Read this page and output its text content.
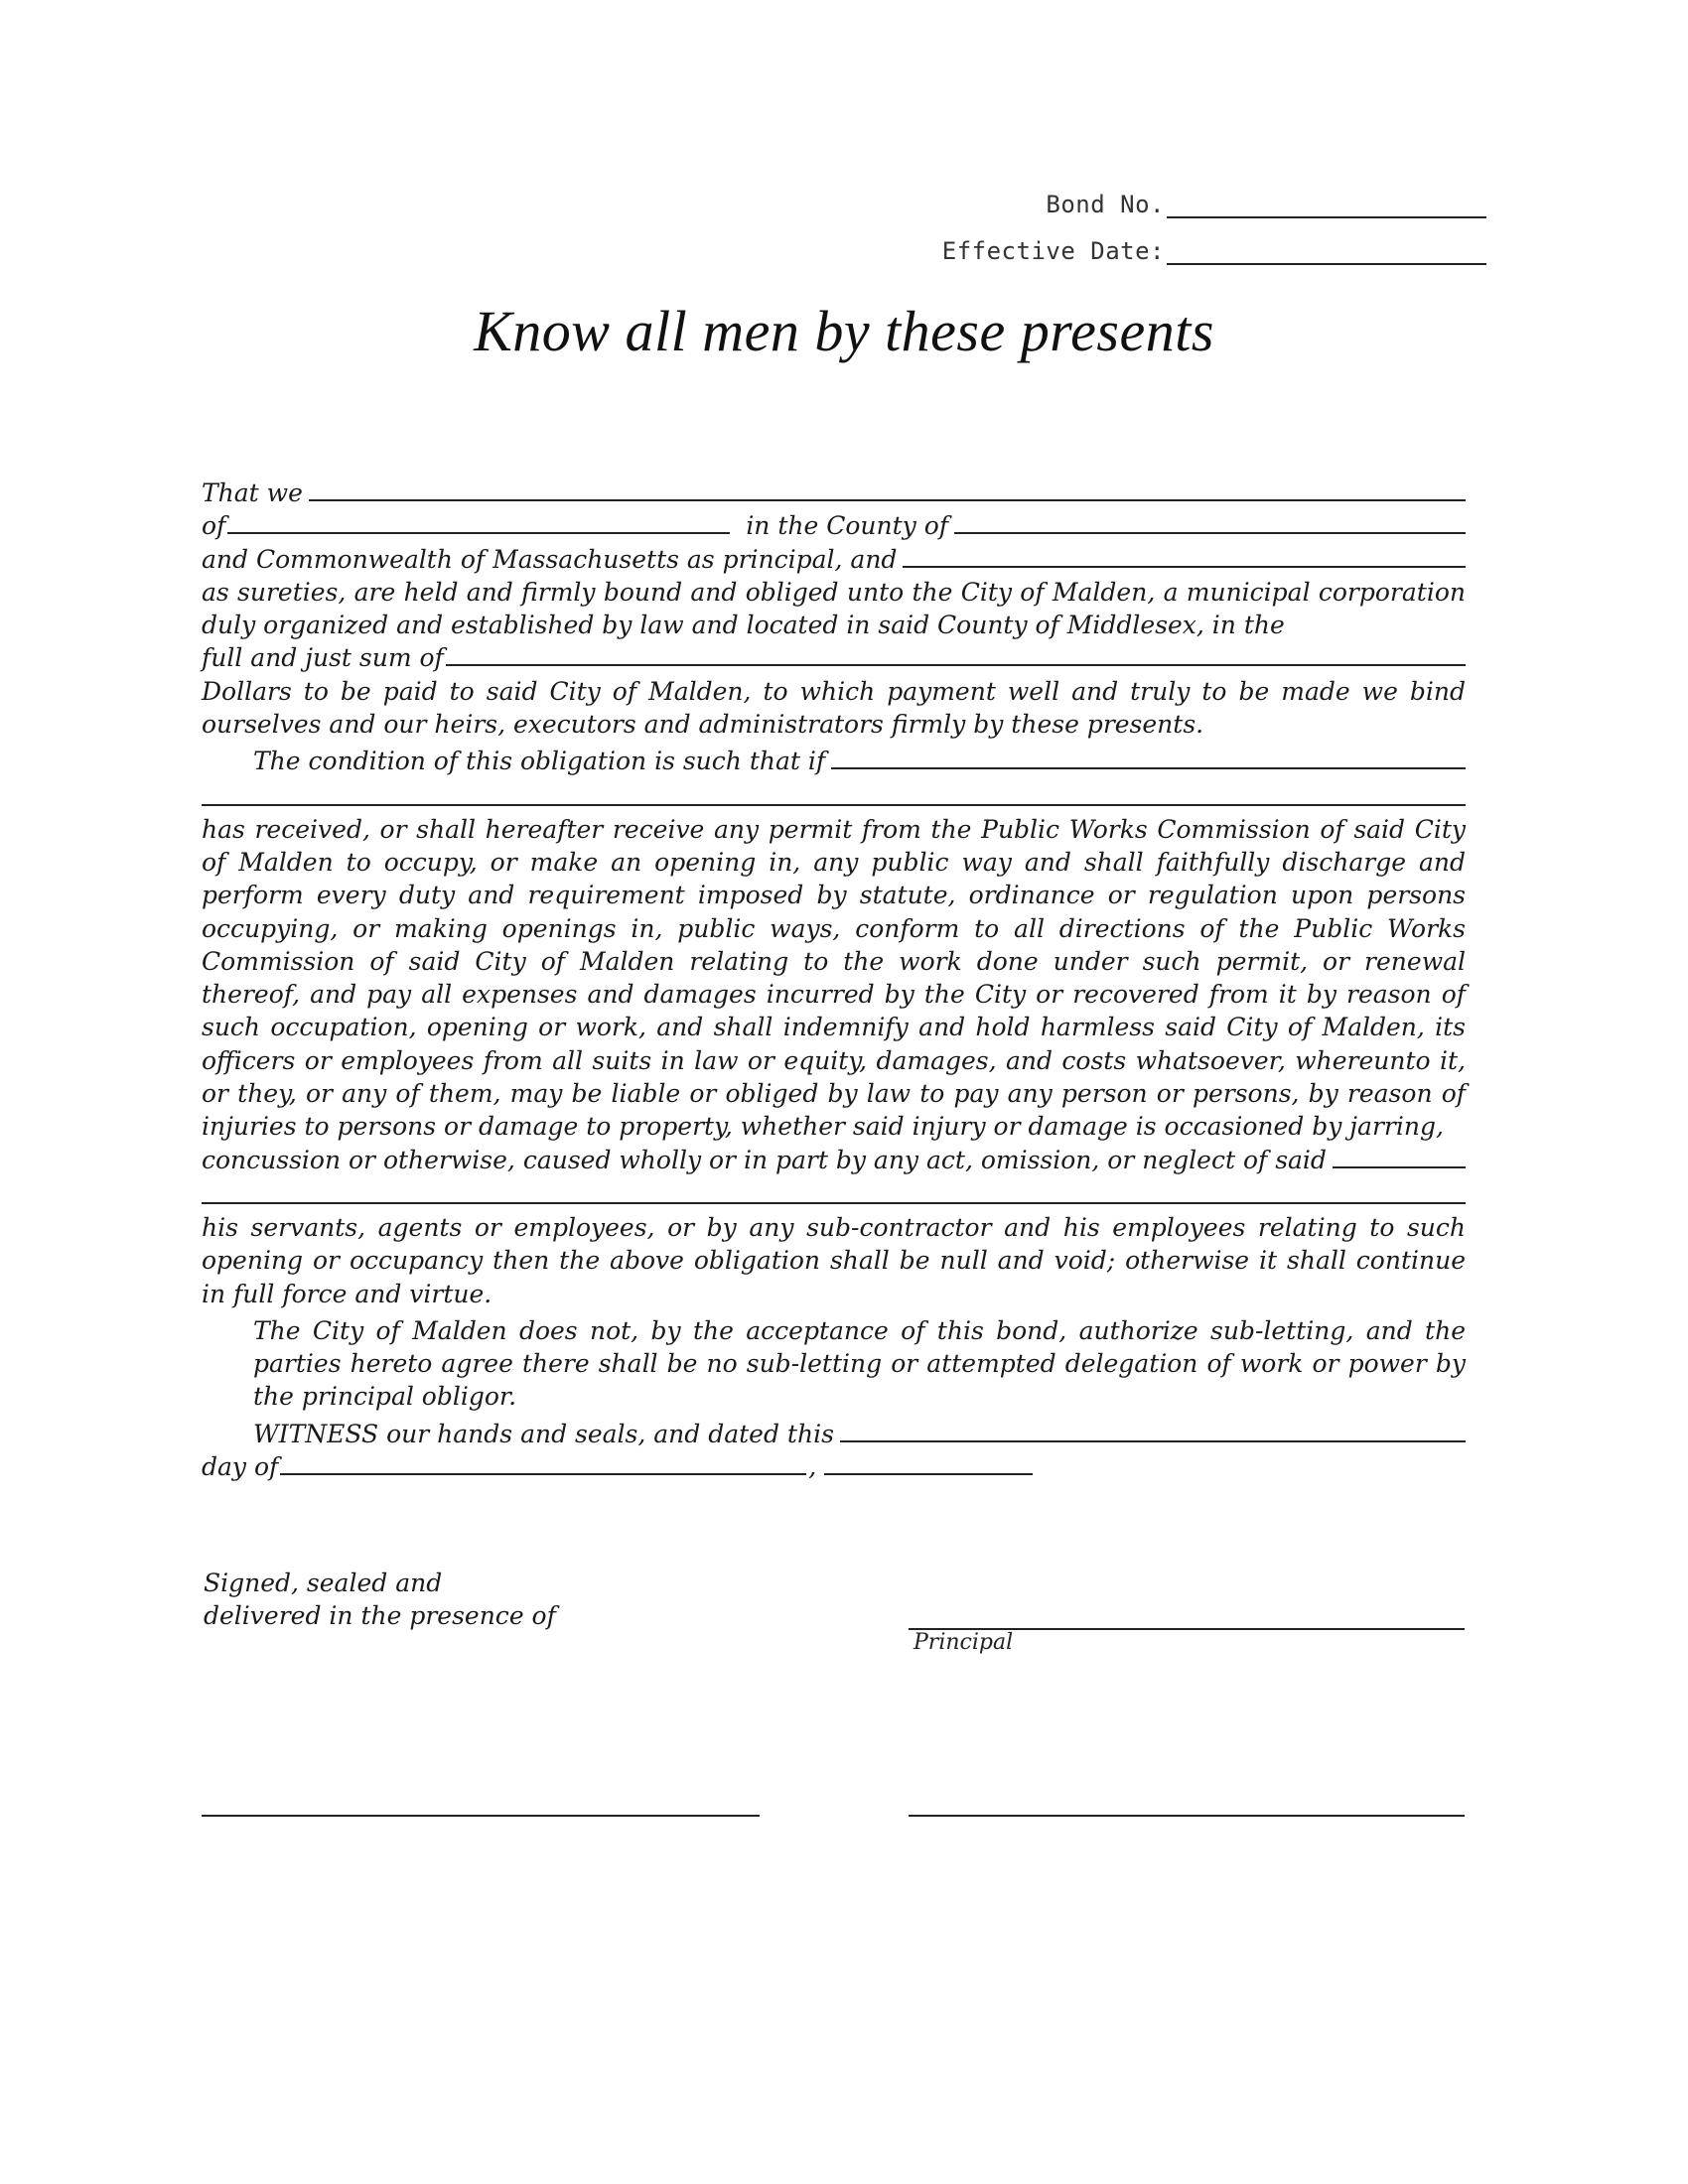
Bond No.
Effective Date:
Know all men by these presents
That we
of	in the County of
and Commonwealth of Massachusetts as principal, and
as sureties, are held and firmly bound and obliged unto the City of Malden, a municipal corporation duly organized and established by law and located in said County of Middlesex, in the
full and just sum of
Dollars to be paid to said City of Malden, to which payment well and truly to be made we bind ourselves and our heirs, executors and administrators firmly by these presents.
The condition of this obligation is such that if
has received, or shall hereafter receive any permit from the Public Works Commission of said City of Malden to occupy, or make an opening in, any public way and shall faithfully discharge and perform every duty and requirement imposed by statute, ordinance or regulation upon persons occupying, or making openings in, public ways, conform to all directions of the Public Works Commission of said City of Malden relating to the work done under such permit, or renewal thereof, and pay all expenses and damages incurred by the City or recovered from it by reason of such occupation, opening or work, and shall indemnify and hold harmless said City of Malden, its officers or employees from all suits in law or equity, damages, and costs whatsoever, whereunto it, or they, or any of them, may be liable or obliged by law to pay any person or persons, by reason of injuries to persons or damage to property, whether said injury or damage is occasioned by jarring,
concussion or otherwise, caused wholly or in part by any act, omission, or neglect of said
his servants, agents or employees, or by any sub-contractor and his employees relating to such opening or occupancy then the above obligation shall be null and void; otherwise it shall continue in full force and virtue.
The City of Malden does not, by the acceptance of this bond, authorize sub-letting, and the parties hereto agree there shall be no sub-letting or attempted delegation of work or power by the principal obligor.
WITNESS our hands and seals, and dated this
day of	,
Signed, sealed and
delivered in the presence of
Principal
